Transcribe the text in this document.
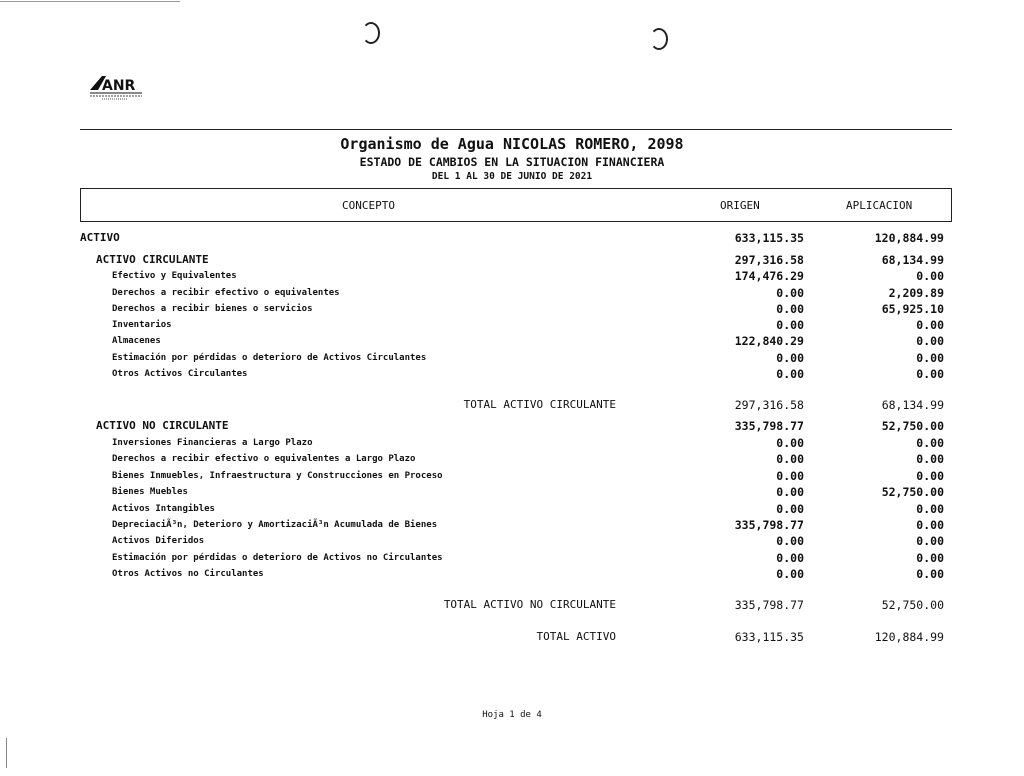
ANR
Organismo de Agua NICOLAS ROMERO, 2098
ESTADO DE CAMBIOS EN LA SITUACION FINANCIERA
DEL 1 AL 30 DE JUNIO DE 2021
CONCEPTO	ORIGEN	APLICACION
ACTIVO	633,115.35	120,884.99
ACTIVO CIRCULANTE	297,316.58	68,134.99
Efectivo y Equivalentes	174,476.29	0.00
Derechos a recibir efectivo o equivalentes	0.00	2,209.89
Derechos a recibir bienes o servicios	0.00	65,925.10
Inventarios	0.00	0.00
Almacenes	122,840.29	0.00
Estimación por pérdidas o deterioro de Activos Circulantes	0.00	0.00
Otros Activos Circulantes	0.00	0.00
TOTAL ACTIVO CIRCULANTE	297,316.58	68,134.99
ACTIVO NO CIRCULANTE	335,798.77	52,750.00
Inversiones Financieras a Largo Plazo	0.00	0.00
Derechos a recibir efectivo o equivalentes a Largo Plazo	0.00	0.00
Bienes Inmuebles, Infraestructura y Construcciones en Proceso	0.00	0.00
Bienes Muebles	0.00	52,750.00
Activos Intangibles	0.00	0.00
DepreciaciÃ³n, Deterioro y AmortizaciÃ³n Acumulada de Bienes	335,798.77	0.00
Activos Diferidos	0.00	0.00
Estimación por pérdidas o deterioro de Activos no Circulantes	0.00	0.00
Otros Activos no Circulantes	0.00	0.00
TOTAL ACTIVO NO CIRCULANTE	335,798.77	52,750.00
TOTAL ACTIVO	633,115.35	120,884.99
Hoja 1 de 4
